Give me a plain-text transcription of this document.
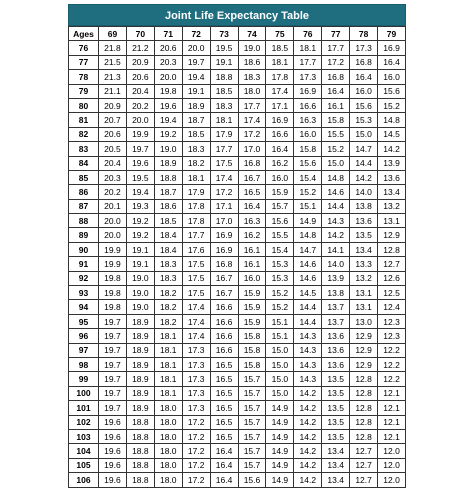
Joint Life Expectancy Table
Ages	69	70	71	72	73	74	75	76	77	78	79
76	21.8	21.2	20.6	20.0	19.5	19.0	18.5	18.1	17.7	17.3	16.9
77	21.5	20.9	20.3	19.7	19.1	18.6	18.1	17.7	17.2	16.8	16.4
78	21.3	20.6	20.0	19.4	18.8	18.3	17.8	17.3	16.8	16.4	16.0
79	21.1	20.4	19.8	19.1	18.5	18.0	17.4	16.9	16.4	16.0	15.6
80	20.9	20.2	19.6	18.9	18.3	17.7	17.1	16.6	16.1	15.6	15.2
81	20.7	20.0	19.4	18.7	18.1	17.4	16.9	16.3	15.8	15.3	14.8
82	20.6	19.9	19.2	18.5	17.9	17.2	16.6	16.0	15.5	15.0	14.5
83	20.5	19.7	19.0	18.3	17.7	17.0	16.4	15.8	15.2	14.7	14.2
84	20.4	19.6	18.9	18.2	17.5	16.8	16.2	15.6	15.0	14.4	13.9
85	20.3	19.5	18.8	18.1	17.4	16.7	16.0	15.4	14.8	14.2	13.6
86	20.2	19.4	18.7	17.9	17.2	16.5	15.9	15.2	14.6	14.0	13.4
87	20.1	19.3	18.6	17.8	17.1	16.4	15.7	15.1	14.4	13.8	13.2
88	20.0	19.2	18.5	17.8	17.0	16.3	15.6	14.9	14.3	13.6	13.1
89	20.0	19.2	18.4	17.7	16.9	16.2	15.5	14.8	14.2	13.5	12.9
90	19.9	19.1	18.4	17.6	16.9	16.1	15.4	14.7	14.1	13.4	12.8
91	19.9	19.1	18.3	17.5	16.8	16.1	15.3	14.6	14.0	13.3	12.7
92	19.8	19.0	18.3	17.5	16.7	16.0	15.3	14.6	13.9	13.2	12.6
93	19.8	19.0	18.2	17.5	16.7	15.9	15.2	14.5	13.8	13.1	12.5
94	19.8	19.0	18.2	17.4	16.6	15.9	15.2	14.4	13.7	13.1	12.4
95	19.7	18.9	18.2	17.4	16.6	15.9	15.1	14.4	13.7	13.0	12.3
96	19.7	18.9	18.1	17.4	16.6	15.8	15.1	14.3	13.6	12.9	12.3
97	19.7	18.9	18.1	17.3	16.6	15.8	15.0	14.3	13.6	12.9	12.2
98	19.7	18.9	18.1	17.3	16.5	15.8	15.0	14.3	13.6	12.9	12.2
99	19.7	18.9	18.1	17.3	16.5	15.7	15.0	14.3	13.5	12.8	12.2
100	19.7	18.9	18.1	17.3	16.5	15.7	15.0	14.2	13.5	12.8	12.1
101	19.7	18.9	18.0	17.3	16.5	15.7	14.9	14.2	13.5	12.8	12.1
102	19.6	18.8	18.0	17.2	16.5	15.7	14.9	14.2	13.5	12.8	12.1
103	19.6	18.8	18.0	17.2	16.5	15.7	14.9	14.2	13.5	12.8	12.1
104	19.6	18.8	18.0	17.2	16.4	15.7	14.9	14.2	13.4	12.7	12.0
105	19.6	18.8	18.0	17.2	16.4	15.7	14.9	14.2	13.4	12.7	12.0
106	19.6	18.8	18.0	17.2	16.4	15.6	14.9	14.2	13.4	12.7	12.0
